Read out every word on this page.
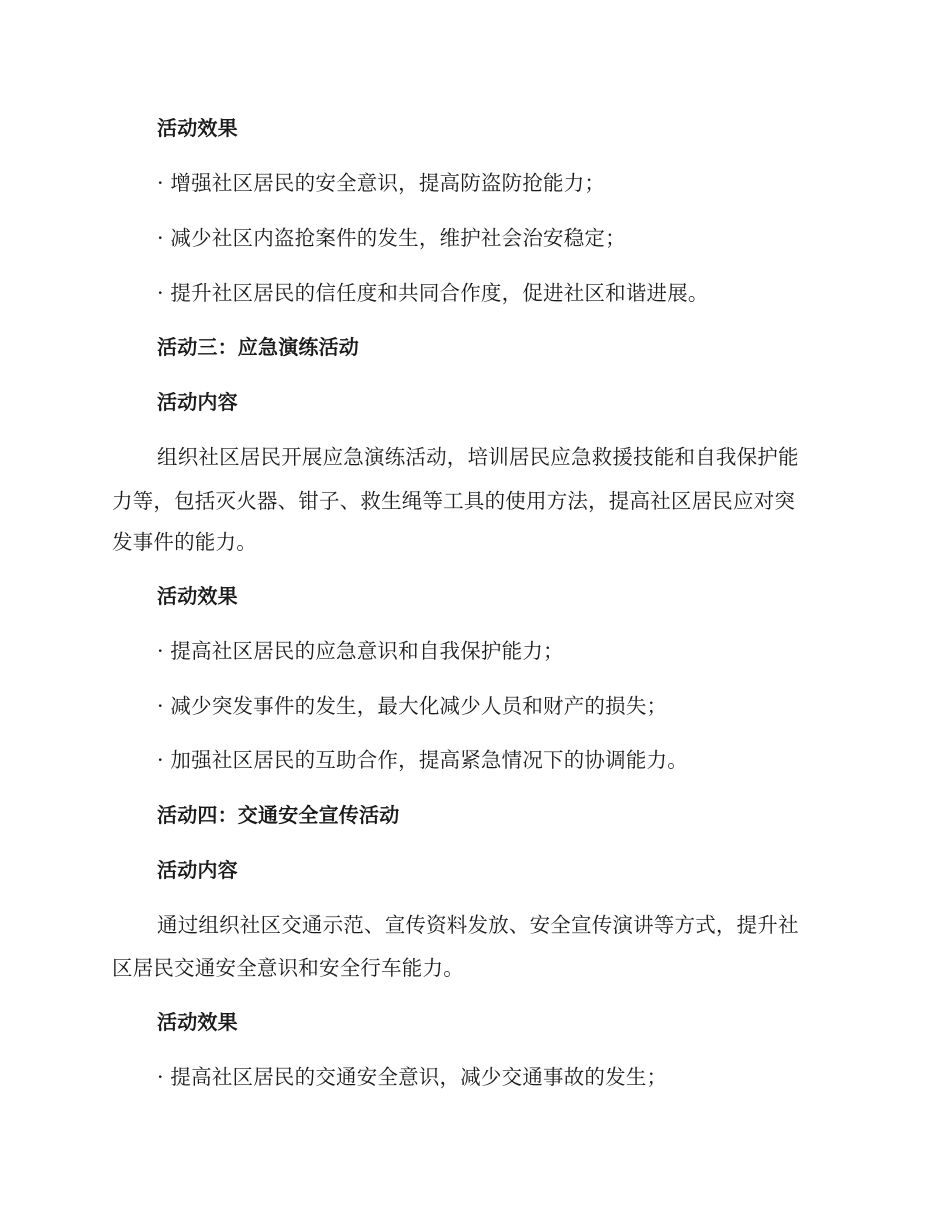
活动效果
· 增强社区居民的安全意识，提高防盗防抢能力；
· 减少社区内盗抢案件的发生，维护社会治安稳定；
· 提升社区居民的信任度和共同合作度，促进社区和谐进展。
活动三：应急演练活动
活动内容
组织社区居民开展应急演练活动，培训居民应急救援技能和自我保护能
力等，包括灭火器、钳子、救生绳等工具的使用方法，提高社区居民应对突
发事件的能力。
活动效果
· 提高社区居民的应急意识和自我保护能力；
· 减少突发事件的发生，最大化减少人员和财产的损失；
· 加强社区居民的互助合作，提高紧急情况下的协调能力。
活动四：交通安全宣传活动
活动内容
通过组织社区交通示范、宣传资料发放、安全宣传演讲等方式，提升社
区居民交通安全意识和安全行车能力。
活动效果
· 提高社区居民的交通安全意识，减少交通事故的发生；
